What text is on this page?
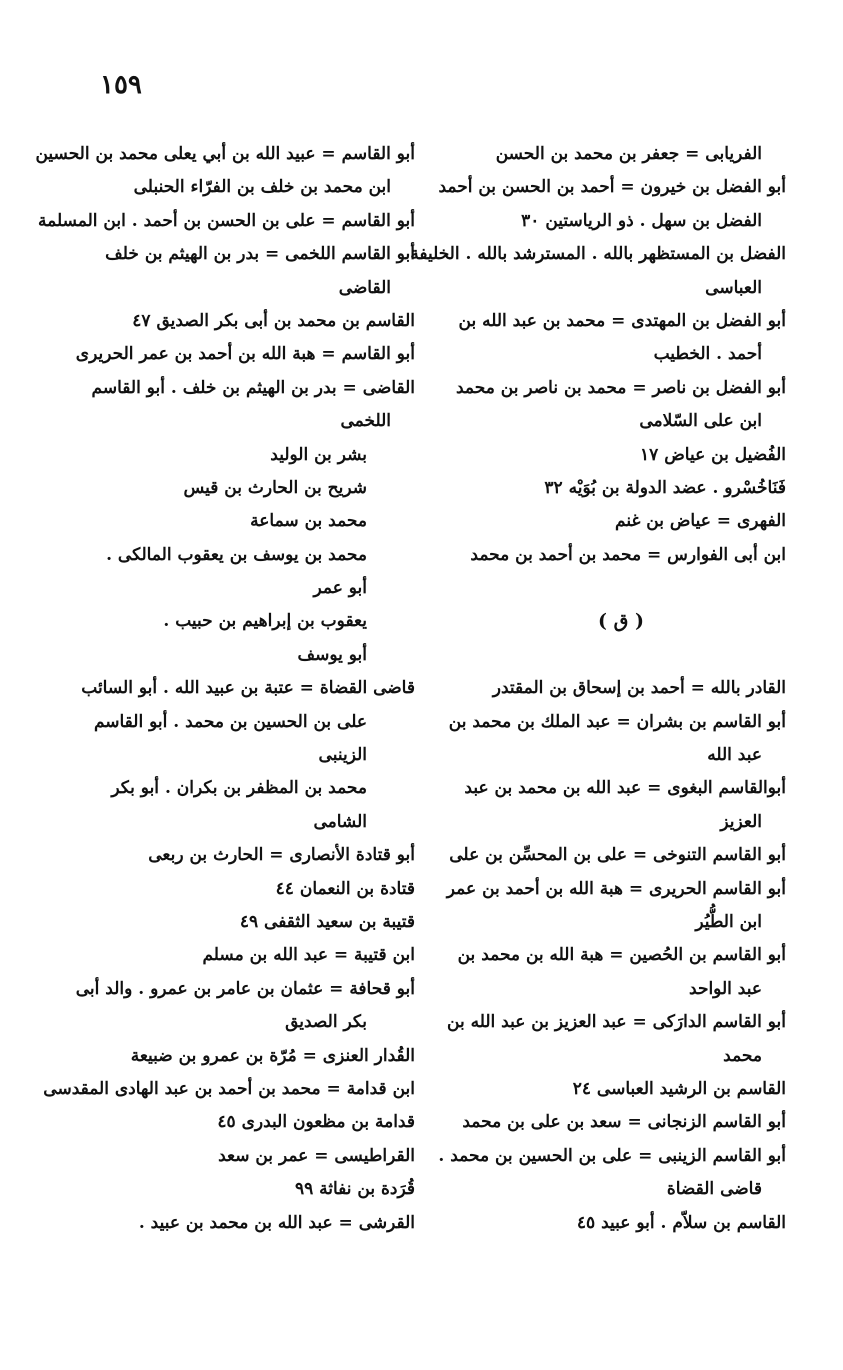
١٥٩
الفريابى = جعفر بن محمد بن الحسن
أبو الفضل بن خيرون = أحمد بن الحسن بن أحمد
الفضل بن سهل . ذو الرياستين ٣٠
الفضل بن المستظهر بالله . المسترشد بالله . الخليفة
العباسى
أبو الفضل بن المهتدى = محمد بن عبد الله بن
أحمد . الخطيب
أبو الفضل بن ناصر = محمد بن ناصر بن محمد
ابن على السّلامى
الفُضيل بن عياض ١٧
فَنَاخُسْرو . عضد الدولة بن بُوَيْه ٣٢
الفهرى = عياض بن غنم
ابن أبى الفوارس = محمد بن أحمد بن محمد
( ق )
القادر بالله = أحمد بن إسحاق بن المقتدر
أبو القاسم بن بشران = عبد الملك بن محمد بن
عبد الله
أبوالقاسم البغوى = عبد الله بن محمد بن عبد
العزيز
أبو القاسم التنوخى = على بن المحسِّن بن على
أبو القاسم الحريرى = هبة الله بن أحمد بن عمر
ابن الطُّيُر
أبو القاسم بن الحُصين = هبة الله بن محمد بن
عبد الواحد
أبو القاسم الدارَكى = عبد العزيز بن عبد الله بن
محمد
القاسم بن الرشيد العباسى ٢٤
أبو القاسم الزنجانى = سعد بن على بن محمد
أبو القاسم الزينبى = على بن الحسين بن محمد .
قاضى القضاة
القاسم بن سلاّم . أبو عبيد ٤٥
أبو القاسم = عبيد الله بن أبي يعلى محمد بن الحسين
ابن محمد بن خلف بن الفرّاء الحنبلى
أبو القاسم = على بن الحسن بن أحمد . ابن المسلمة
أبو القاسم اللخمى = بدر بن الهيثم بن خلف
القاضى
القاسم بن محمد بن أبى بكر الصديق ٤٧
أبو القاسم = هبة الله بن أحمد بن عمر الحريرى
القاضى = بدر بن الهيثم بن خلف . أبو القاسم
اللخمى
بشر بن الوليد
شريح بن الحارث بن قيس
محمد بن سماعة
محمد بن يوسف بن يعقوب المالكى .
أبو عمر
يعقوب بن إبراهيم بن حبيب .
أبو يوسف
قاضى القضاة = عتبة بن عبيد الله . أبو السائب
على بن الحسين بن محمد . أبو القاسم
الزينبى
محمد بن المظفر بن بكران . أبو بكر
الشامى
أبو قتادة الأنصارى = الحارث بن ربعى
قتادة بن النعمان ٤٤
قتيبة بن سعيد الثقفى ٤٩
ابن قتيبة = عبد الله بن مسلم
أبو قحافة = عثمان بن عامر بن عمرو . والد أبى
بكر الصديق
القُدار العنزى = مُرّة بن عمرو بن ضبيعة
ابن قدامة = محمد بن أحمد بن عبد الهادى المقدسى
قدامة بن مظعون البدرى ٤٥
القراطيسى = عمر بن سعد
قُرَدة بن نفاثة ٩٩
القرشى = عبد الله بن محمد بن عبيد .
